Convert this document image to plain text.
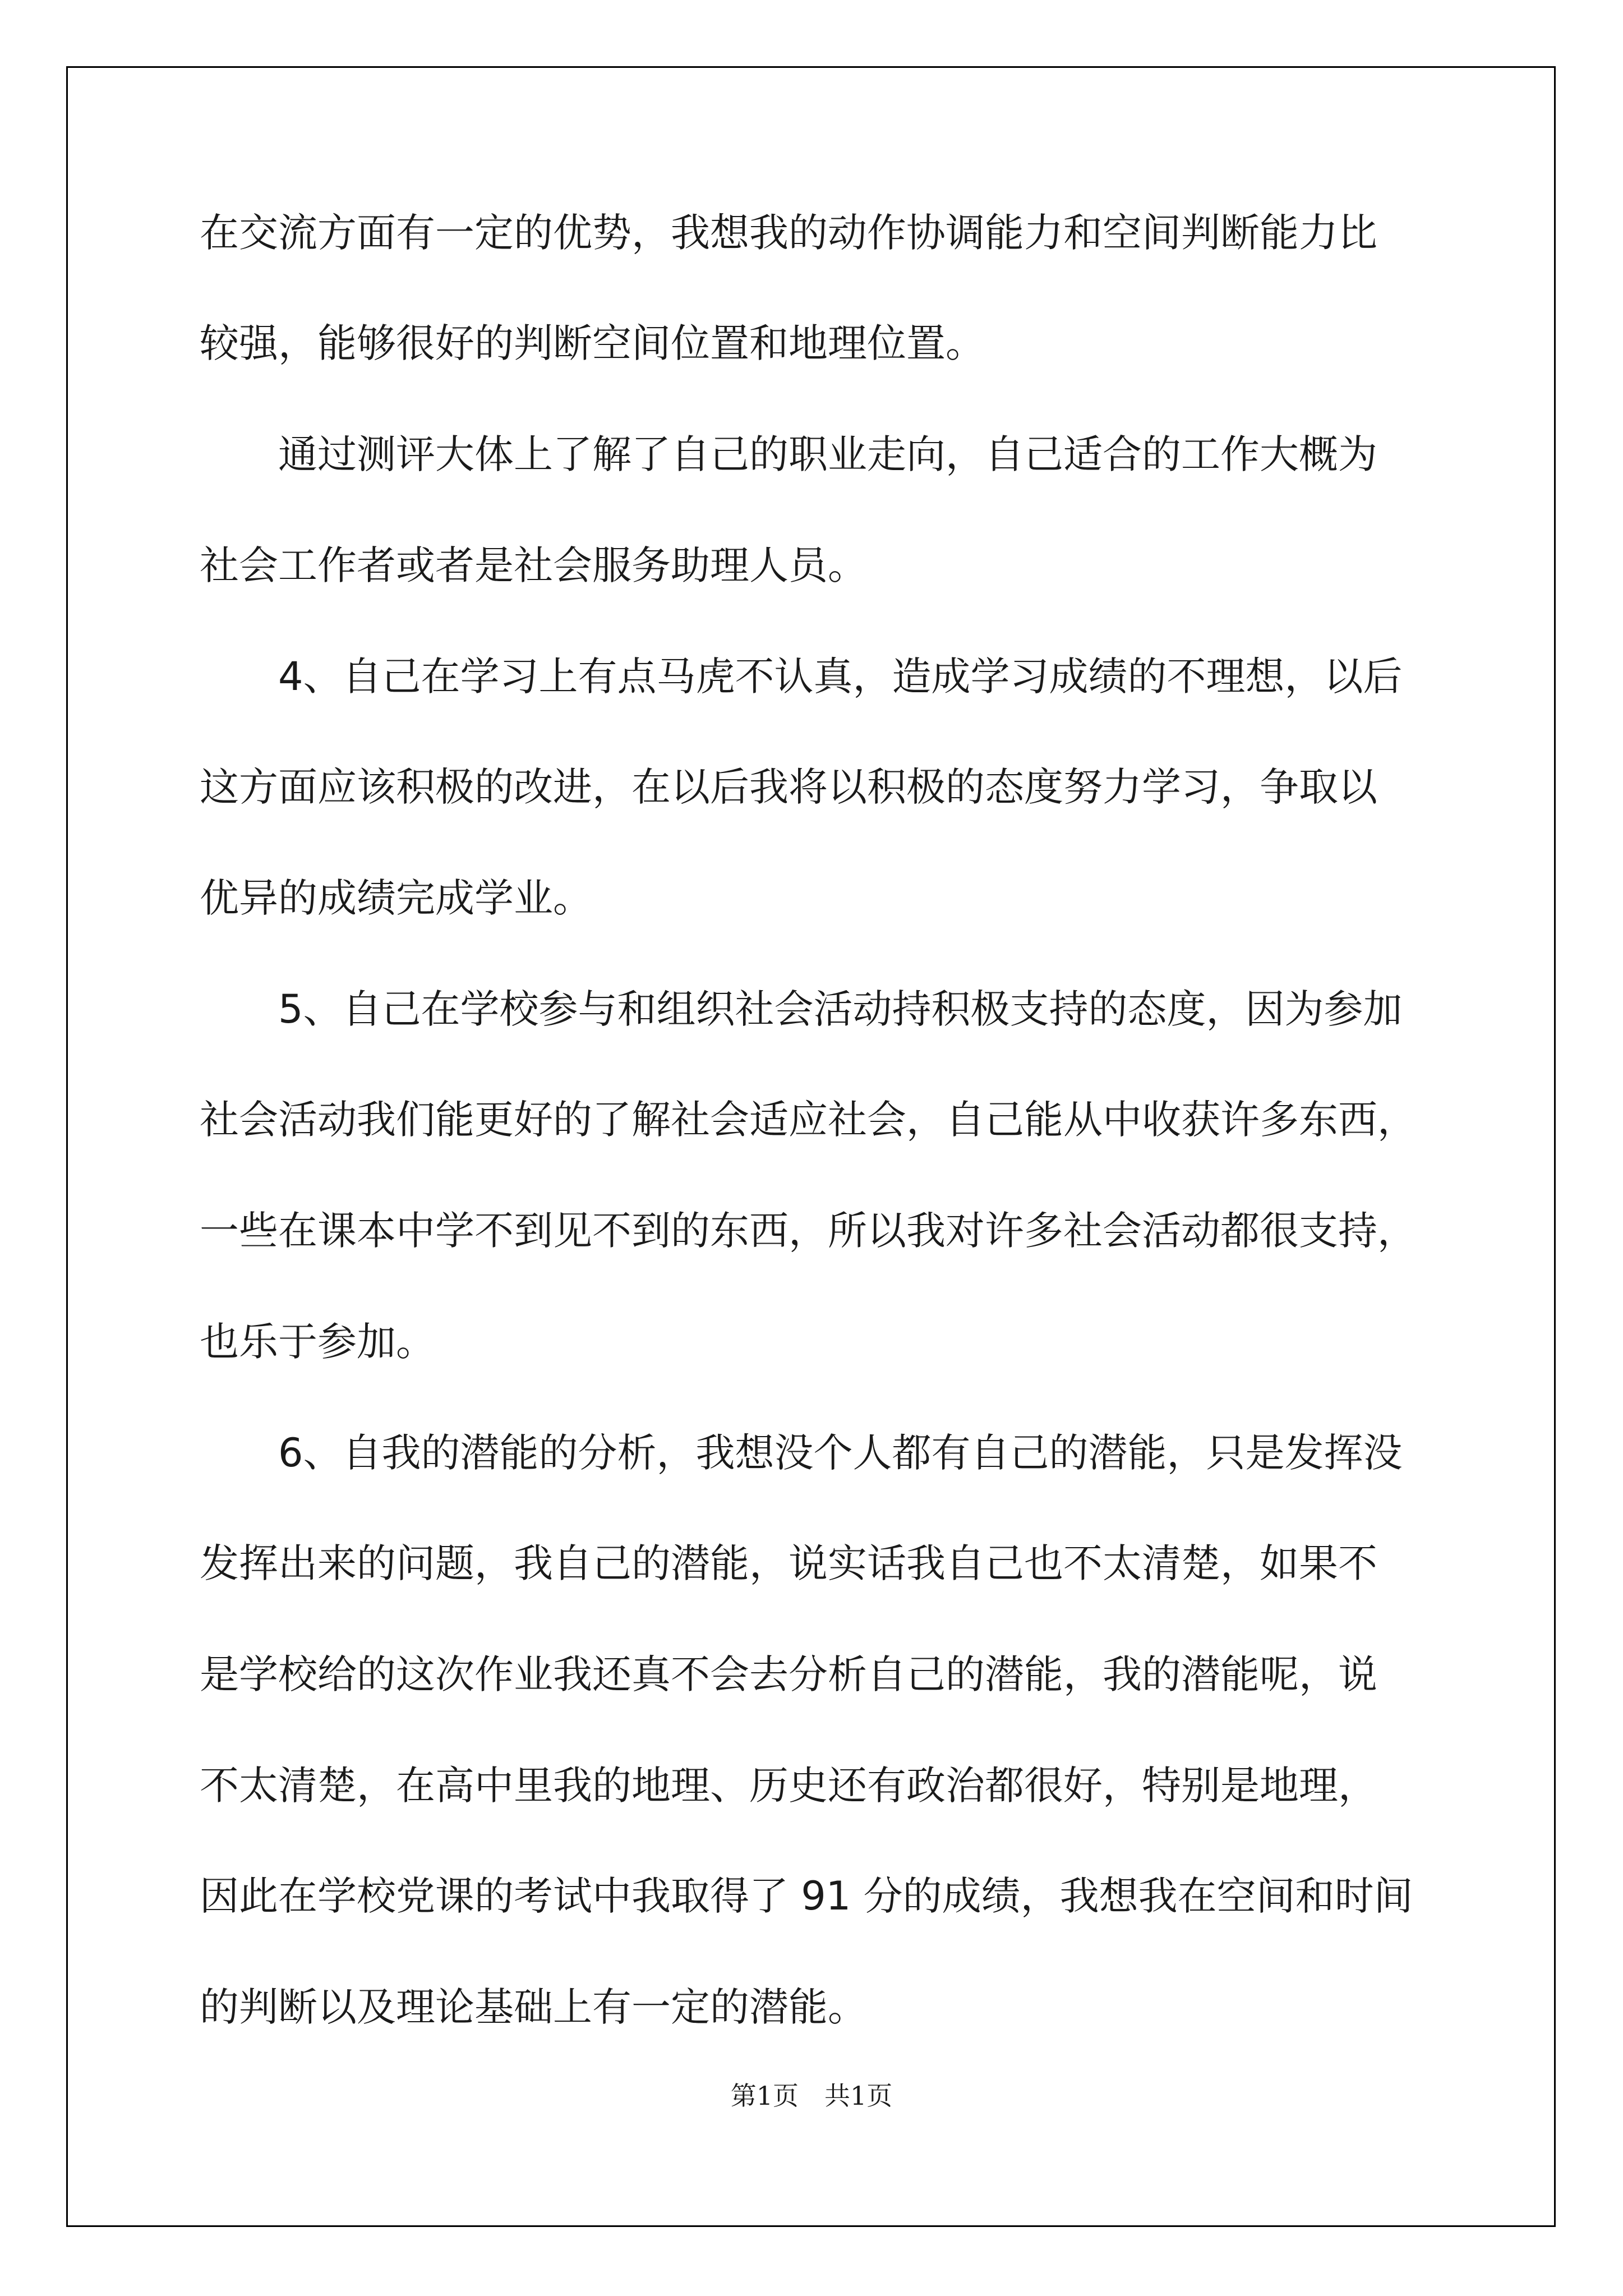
在交流方面有一定的优势，我想我的动作协调能力和空间判断能力比
较强，能够很好的判断空间位置和地理位置。
通过测评大体上了解了自己的职业走向，自己适合的工作大概为
社会工作者或者是社会服务助理人员。
4、自己在学习上有点马虎不认真，造成学习成绩的不理想，以后
这方面应该积极的改进，在以后我将以积极的态度努力学习，争取以
优异的成绩完成学业。
5、自己在学校参与和组织社会活动持积极支持的态度，因为参加
社会活动我们能更好的了解社会适应社会，自己能从中收获许多东西，
一些在课本中学不到见不到的东西，所以我对许多社会活动都很支持，
也乐于参加。
6、自我的潜能的分析，我想没个人都有自己的潜能，只是发挥没
发挥出来的问题，我自己的潜能，说实话我自己也不太清楚，如果不
是学校给的这次作业我还真不会去分析自己的潜能，我的潜能呢，说
不太清楚，在高中里我的地理、历史还有政治都很好，特别是地理，
因此在学校党课的考试中我取得了 91 分的成绩，我想我在空间和时间
的判断以及理论基础上有一定的潜能。
第1页　共1页
